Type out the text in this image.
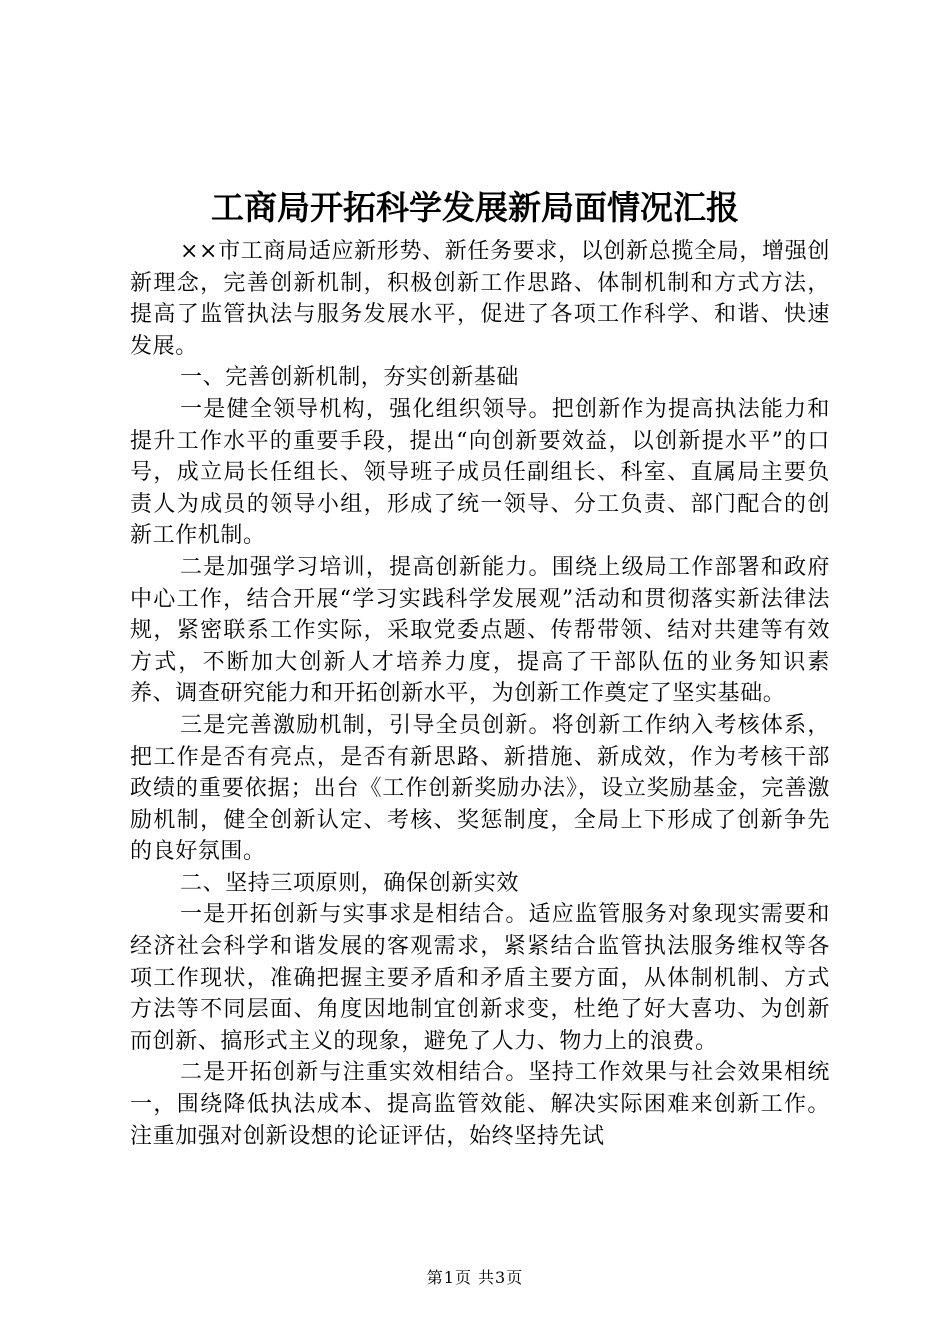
工商局开拓科学发展新局面情况汇报

××市工商局适应新形势、新任务要求，以创新总揽全局，增强创新理念，完善创新机制，积极创新工作思路、体制机制和方式方法，提高了监管执法与服务发展水平，促进了各项工作科学、和谐、快速发展。

一、完善创新机制，夯实创新基础

一是健全领导机构，强化组织领导。把创新作为提高执法能力和提升工作水平的重要手段，提出“向创新要效益，以创新提水平”的口号，成立局长任组长、领导班子成员任副组长、科室、直属局主要负责人为成员的领导小组，形成了统一领导、分工负责、部门配合的创新工作机制。

二是加强学习培训，提高创新能力。围绕上级局工作部署和政府中心工作，结合开展“学习实践科学发展观”活动和贯彻落实新法律法规，紧密联系工作实际，采取党委点题、传帮带领、结对共建等有效方式，不断加大创新人才培养力度，提高了干部队伍的业务知识素养、调查研究能力和开拓创新水平，为创新工作奠定了坚实基础。

三是完善激励机制，引导全员创新。将创新工作纳入考核体系，把工作是否有亮点，是否有新思路、新措施、新成效，作为考核干部政绩的重要依据；出台《工作创新奖励办法》，设立奖励基金，完善激励机制，健全创新认定、考核、奖惩制度，全局上下形成了创新争先的良好氛围。

二、坚持三项原则，确保创新实效

一是开拓创新与实事求是相结合。适应监管服务对象现实需要和经济社会科学和谐发展的客观需求，紧紧结合监管执法服务维权等各项工作现状，准确把握主要矛盾和矛盾主要方面，从体制机制、方式方法等不同层面、角度因地制宜创新求变，杜绝了好大喜功、为创新而创新、搞形式主义的现象，避免了人力、物力上的浪费。

二是开拓创新与注重实效相结合。坚持工作效果与社会效果相统一，围绕降低执法成本、提高监管效能、解决实际困难来创新工作。注重加强对创新设想的论证评估，始终坚持先试

第1页 共3页
